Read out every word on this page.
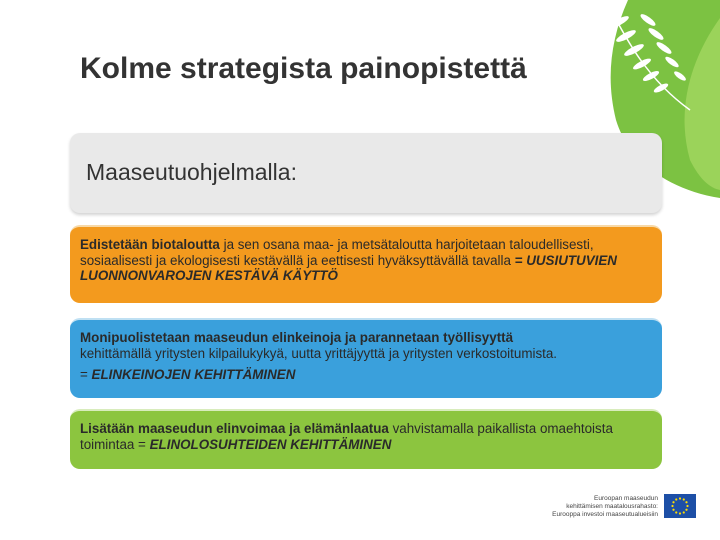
Kolme strategista painopistettä
Maaseutuohjelmalla:
Edistetään biotaloutta ja sen osana maa- ja metsätaloutta harjoitetaan taloudellisesti, sosiaalisesti ja ekologisesti kestävällä ja eettisesti hyväksyttävällä tavalla = UUSIUTUVIEN LUONNONVAROJEN KESTÄVÄ KÄYTTÖ
Monipuolistetaan maaseudun elinkeinoja ja parannetaan työllisyyttä
kehittämällä yritysten kilpailukykyä, uutta yrittäjyyttä ja yritysten verkostoitumista.
= ELINKEINOJEN KEHITTÄMINEN
Lisätään maaseudun elinvoimaa ja elämänlaatua vahvistamalla paikallista omaehtoista toimintaa = ELINOLOSUHTEIDEN KEHITTÄMINEN
Euroopan maaseudun
kehittämisen maatalousrahasto:
Eurooppa investoi maaseutualueisiin
